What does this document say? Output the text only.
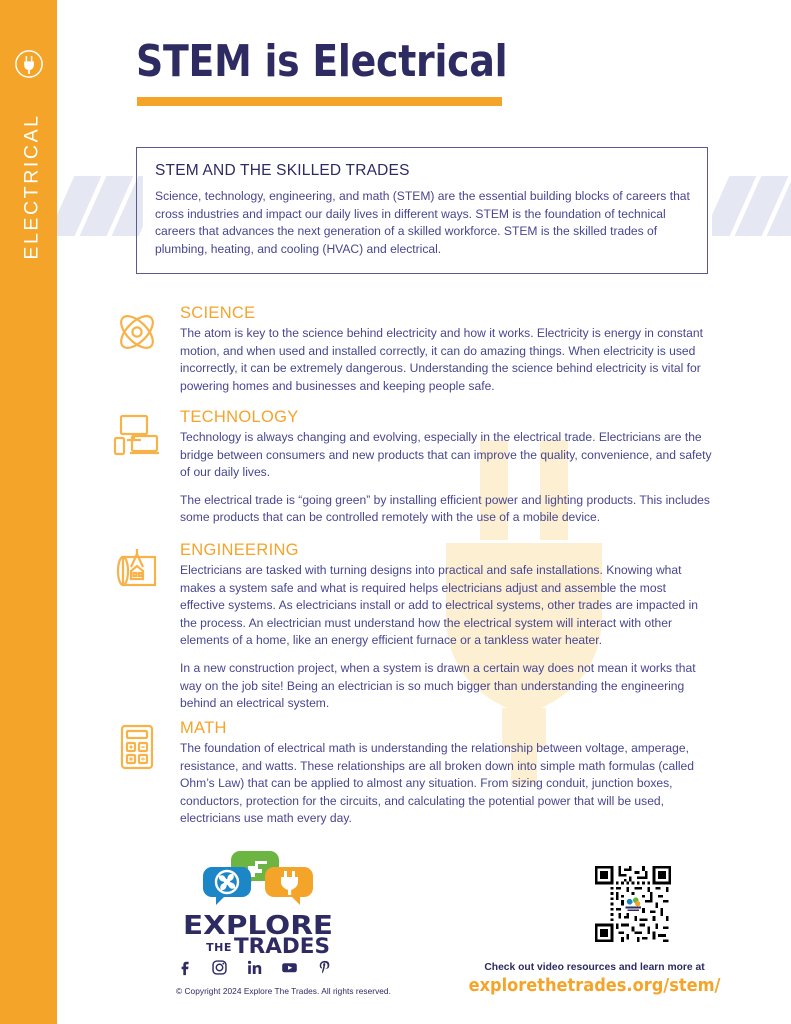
ELECTRICAL
STEM is Electrical
STEM AND THE SKILLED TRADES
Science, technology, engineering, and math (STEM) are the essential building blocks of careers that cross industries and impact our daily lives in different ways. STEM is the foundation of technical careers that advances the next generation of a skilled workforce. STEM is the skilled trades of plumbing, heating, and cooling (HVAC) and electrical.
SCIENCE

The atom is key to the science behind electricity and how it works. Electricity is energy in constant motion, and when used and installed correctly, it can do amazing things. When electricity is used incorrectly, it can be extremely dangerous. Understanding the science behind electricity is vital for powering homes and businesses and keeping people safe.

TECHNOLOGY

Technology is always changing and evolving, especially in the electrical trade. Electricians are the bridge between consumers and new products that can improve the quality, convenience, and safety of our daily lives.

The electrical trade is “going green” by installing efficient power and lighting products. This includes some products that can be controlled remotely with the use of a mobile device.

ENGINEERING

Electricians are tasked with turning designs into practical and safe installations. Knowing what makes a system safe and what is required helps electricians adjust and assemble the most effective systems. As electricians install or add to electrical systems, other trades are impacted in the process. An electrician must understand how the electrical system will interact with other elements of a home, like an energy efficient furnace or a tankless water heater.

In a new construction project, when a system is drawn a certain way does not mean it works that way on the job site! Being an electrician is so much bigger than understanding the engineering behind an electrical system.

MATH

The foundation of electrical math is understanding the relationship between voltage, amperage, resistance, and watts. These relationships are all broken down into simple math formulas (called Ohm’s Law) that can be applied to almost any situation. From sizing conduit, junction boxes, conductors, protection for the circuits, and calculating the potential power that will be used, electricians use math every day.

EXPLORE
THE TRADES
© Copyright 2024 Explore The Trades. All rights reserved.
Check out video resources and learn more at
explorethetrades.org/stem/
